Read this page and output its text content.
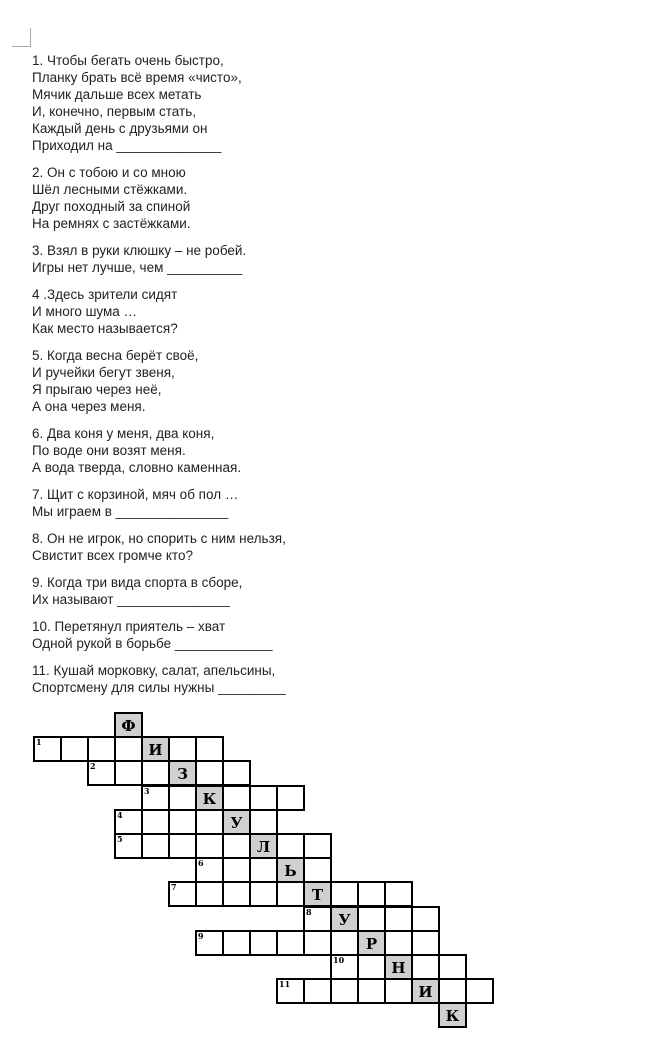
1. Чтобы бегать очень быстро,
Планку брать всё время «чисто»,
Мячик дальше всех метать
И, конечно, первым стать,
Каждый день с друзьями он
Приходил на ______________

2. Он с тобою и со мною
Шёл лесными стёжками.
Друг походный за спиной
На ремнях с застёжками.

3. Взял в руки клюшку – не робей.
Игры нет лучше, чем __________

4 .Здесь зрители сидят
И много шума …
Как место называется?

5. Когда весна берёт своё,
И ручейки бегут звеня,
Я прыгаю через неё,
А она через меня.

6. Два коня у меня, два коня,
По воде они возят меня.
А вода тверда, словно каменная.

7. Щит с корзиной, мяч об пол …
Мы играем в _______________

8. Он не игрок, но спорить с ним нельзя,
Свистит всех громче кто?

9. Когда три вида спорта в сборе,
Их называют _______________

10. Перетянул приятель – хват
Одной рукой в борьбе _____________

11. Кушай морковку, салат, апельсины,
Спортсмену для силы нужны _________

Ф
1	И
2	З
3	К
4	У
5	Л
6	Ь
7	Т
8	У
9	Р
10	Н
11	И
К
